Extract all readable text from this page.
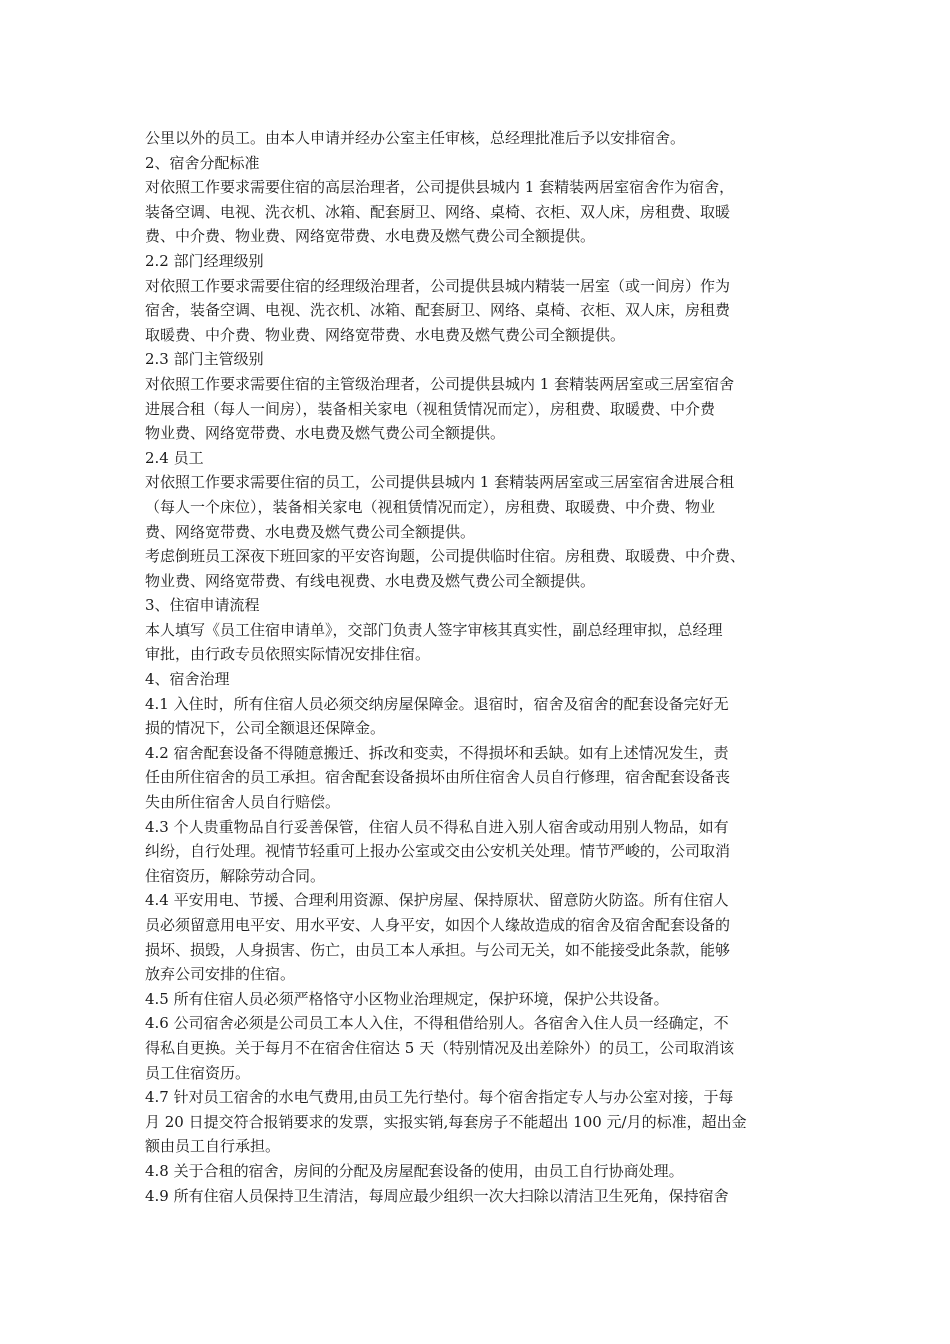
公里以外的员工。由本人申请并经办公室主任审核，总经理批准后予以安排宿舍。
2、宿舍分配标准
对依照工作要求需要住宿的高层治理者，公司提供县城内 1 套精装两居室宿舍作为宿舍，
装备空调、电视、洗衣机、冰箱、配套厨卫、网络、桌椅、衣柜、双人床，房租费、取暖
费、中介费、物业费、网络宽带费、水电费及燃气费公司全额提供。
2.2 部门经理级别
对依照工作要求需要住宿的经理级治理者，公司提供县城内精装一居室（或一间房）作为
宿舍，装备空调、电视、洗衣机、冰箱、配套厨卫、网络、桌椅、衣柜、双人床，房租费
取暖费、中介费、物业费、网络宽带费、水电费及燃气费公司全额提供。
2.3 部门主管级别
对依照工作要求需要住宿的主管级治理者，公司提供县城内 1 套精装两居室或三居室宿舍
进展合租（每人一间房），装备相关家电（视租赁情况而定），房租费、取暖费、中介费
物业费、网络宽带费、水电费及燃气费公司全额提供。
2.4 员工
对依照工作要求需要住宿的员工，公司提供县城内 1 套精装两居室或三居室宿舍进展合租
（每人一个床位），装备相关家电（视租赁情况而定），房租费、取暖费、中介费、物业
费、网络宽带费、水电费及燃气费公司全额提供。
考虑倒班员工深夜下班回家的平安咨询题，公司提供临时住宿。房租费、取暖费、中介费、
物业费、网络宽带费、有线电视费、水电费及燃气费公司全额提供。
3、住宿申请流程
本人填写《员工住宿申请单》，交部门负责人签字审核其真实性，副总经理审拟，总经理
审批，由行政专员依照实际情况安排住宿。
4、宿舍治理
4.1 入住时，所有住宿人员必须交纳房屋保障金。退宿时，宿舍及宿舍的配套设备完好无
损的情况下，公司全额退还保障金。
4.2 宿舍配套设备不得随意搬迁、拆改和变卖，不得损坏和丢缺。如有上述情况发生，责
任由所住宿舍的员工承担。宿舍配套设备损坏由所住宿舍人员自行修理，宿舍配套设备丧
失由所住宿舍人员自行赔偿。
4.3 个人贵重物品自行妥善保管，住宿人员不得私自进入别人宿舍或动用别人物品，如有
纠纷，自行处理。视情节轻重可上报办公室或交由公安机关处理。情节严峻的，公司取消
住宿资历，解除劳动合同。
4.4 平安用电、节援、合理利用资源、保护房屋、保持原状、留意防火防盗。所有住宿人
员必须留意用电平安、用水平安、人身平安，如因个人缘故造成的宿舍及宿舍配套设备的
损坏、损毁，人身损害、伤亡，由员工本人承担。与公司无关，如不能接受此条款，能够
放弃公司安排的住宿。
4.5 所有住宿人员必须严格恪守小区物业治理规定，保护环境，保护公共设备。
4.6 公司宿舍必须是公司员工本人入住，不得租借给别人。各宿舍入住人员一经确定，不
得私自更换。关于每月不在宿舍住宿达 5 天（特别情况及出差除外）的员工，公司取消该
员工住宿资历。
4.7 针对员工宿舍的水电气费用,由员工先行垫付。每个宿舍指定专人与办公室对接，于每
月 20 日提交符合报销要求的发票，实报实销,每套房子不能超出 100 元/月的标准，超出金
额由员工自行承担。
4.8 关于合租的宿舍，房间的分配及房屋配套设备的使用，由员工自行协商处理。
4.9 所有住宿人员保持卫生清洁，每周应最少组织一次大扫除以清洁卫生死角，保持宿舍
